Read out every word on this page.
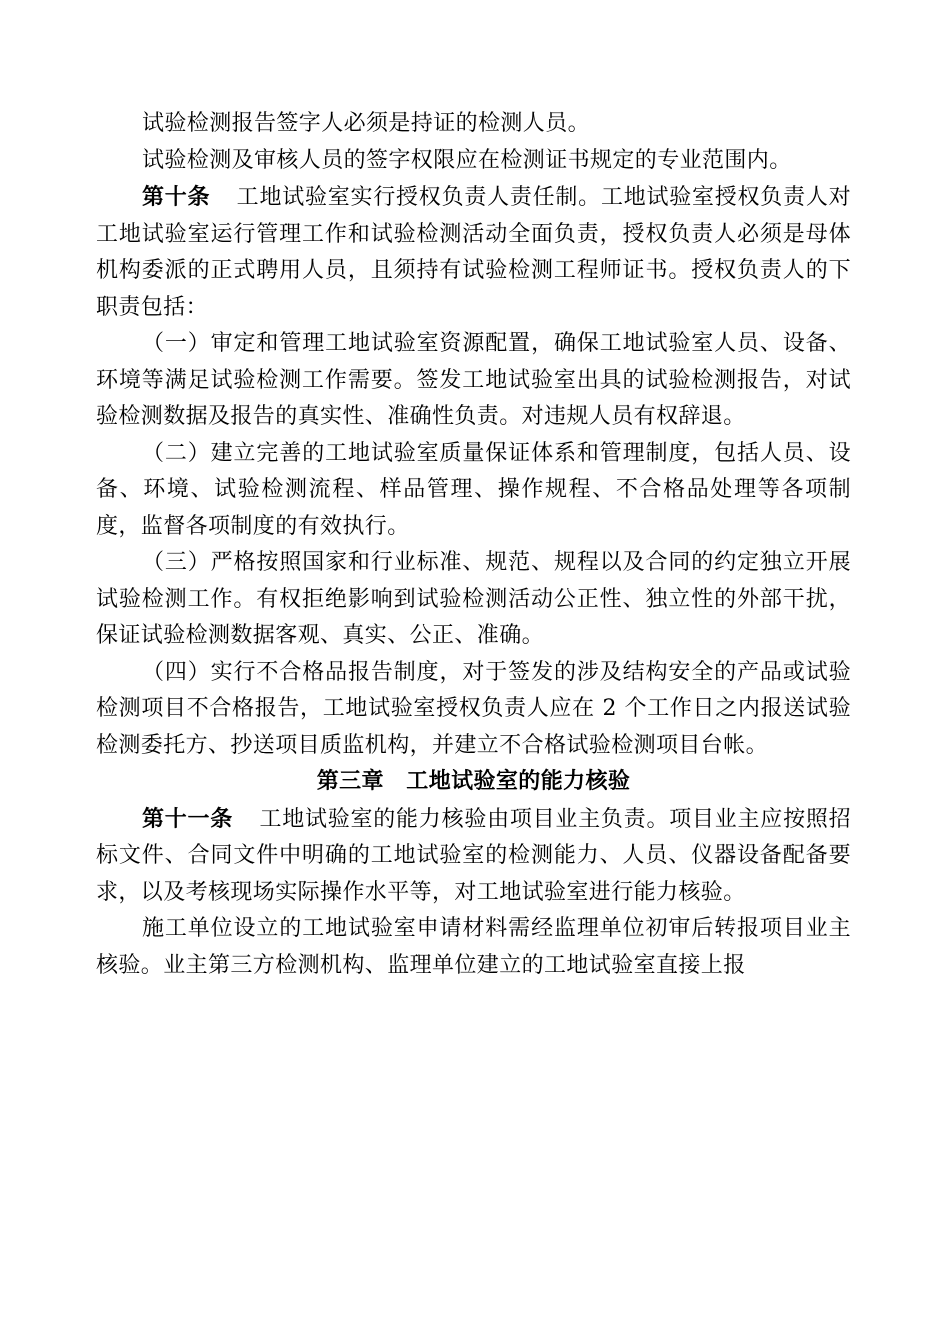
试验检测报告签字人必须是持证的检测人员。

试验检测及审核人员的签字权限应在检测证书规定的专业范围内。

第十条 工地试验室实行授权负责人责任制。工地试验室授权负责人对工地试验室运行管理工作和试验检测活动全面负责，授权负责人必须是母体机构委派的正式聘用人员，且须持有试验检测工程师证书。授权负责人的下职责包括：

（一）审定和管理工地试验室资源配置，确保工地试验室人员、设备、环境等满足试验检测工作需要。签发工地试验室出具的试验检测报告，对试验检测数据及报告的真实性、准确性负责。对违规人员有权辞退。

（二）建立完善的工地试验室质量保证体系和管理制度，包括人员、设备、环境、试验检测流程、样品管理、操作规程、不合格品处理等各项制度，监督各项制度的有效执行。

（三）严格按照国家和行业标准、规范、规程以及合同的约定独立开展试验检测工作。有权拒绝影响到试验检测活动公正性、独立性的外部干扰，保证试验检测数据客观、真实、公正、准确。

（四）实行不合格品报告制度，对于签发的涉及结构安全的产品或试验检测项目不合格报告，工地试验室授权负责人应在 2 个工作日之内报送试验检测委托方、抄送项目质监机构，并建立不合格试验检测项目台帐。

第三章　工地试验室的能力核验

第十一条 工地试验室的能力核验由项目业主负责。项目业主应按照招标文件、合同文件中明确的工地试验室的检测能力、人员、仪器设备配备要求，以及考核现场实际操作水平等，对工地试验室进行能力核验。

施工单位设立的工地试验室申请材料需经监理单位初审后转报项目业主核验。业主第三方检测机构、监理单位建立的工地试验室直接上报
